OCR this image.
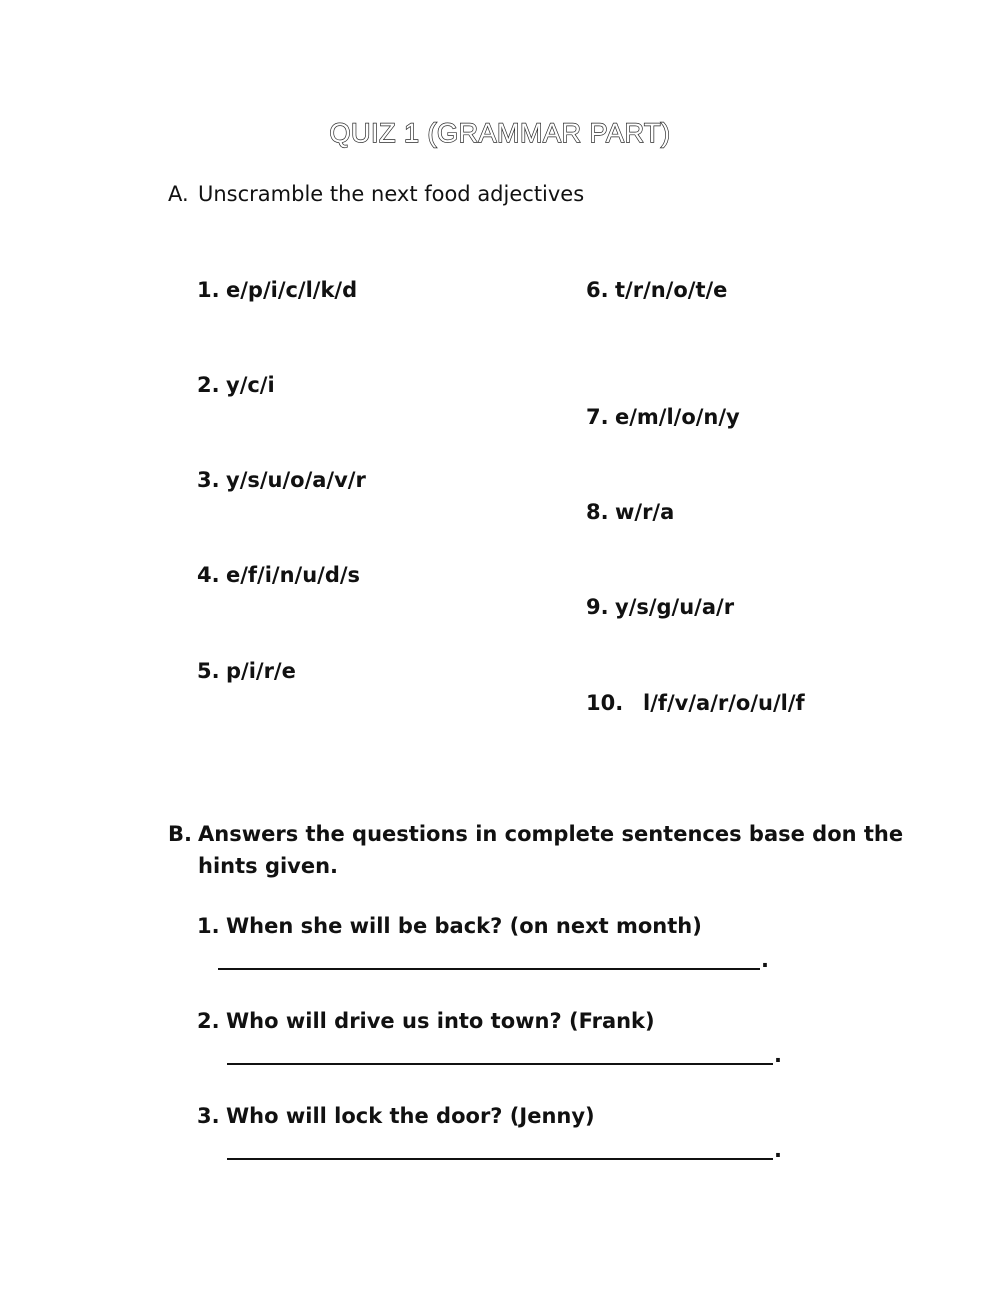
QUIZ 1 (GRAMMAR PART)
A. Unscramble the next food adjectives
1. e/p/i/c/l/k/d
2. y/c/i
3. y/s/u/o/a/v/r
4. e/f/i/n/u/d/s
5. p/i/r/e
6. t/r/n/o/t/e
7. e/m/l/o/n/y
8. w/r/a
9. y/s/g/u/a/r
10. l/f/v/a/r/o/u/l/f
B. Answers the questions in complete sentences base don the
hints given.
1. When she will be back? (on next month)
.
2. Who will drive us into town? (Frank)
.
3. Who will lock the door? (Jenny)
.
